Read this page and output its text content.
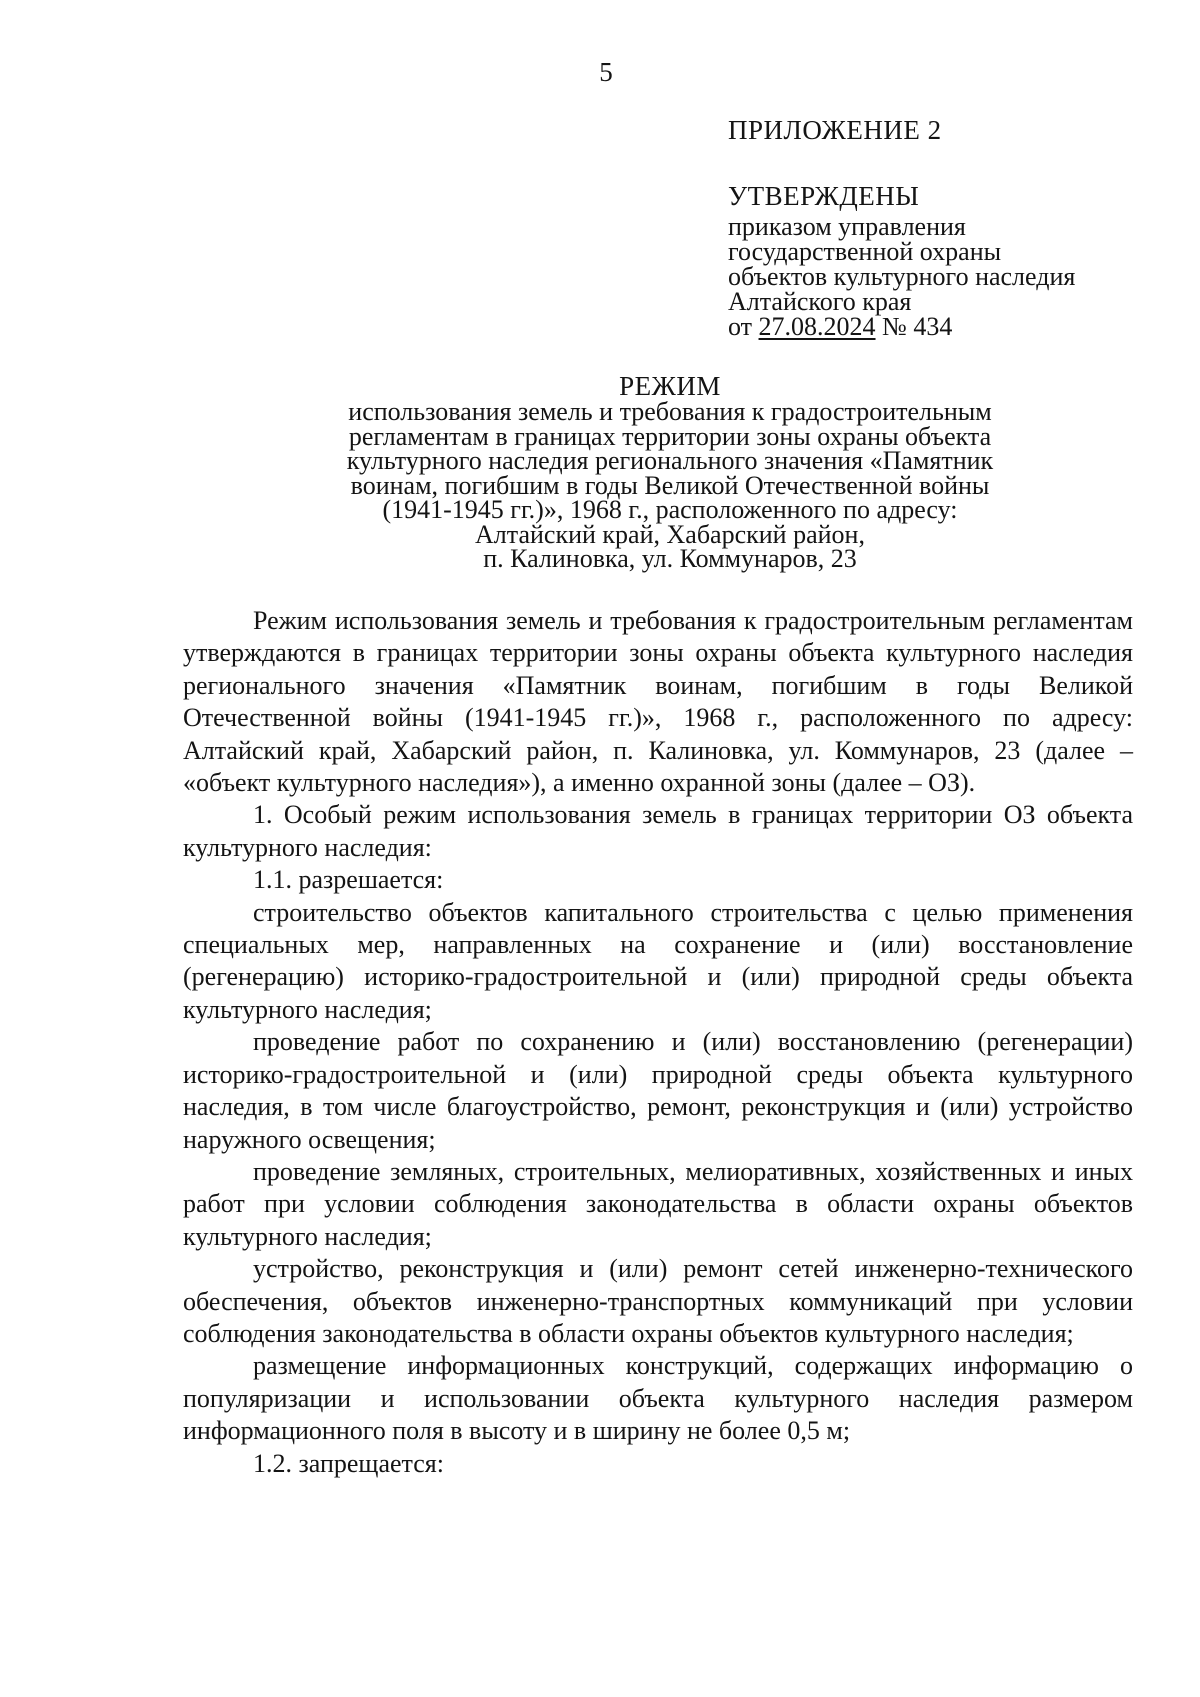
5
ПРИЛОЖЕНИЕ 2
УТВЕРЖДЕНЫ
приказом управления
государственной охраны
объектов культурного наследия
Алтайского края
от 27.08.2024 № 434
РЕЖИМ
использования земель и требования к градостроительным
регламентам в границах территории зоны охраны объекта
культурного наследия регионального значения «Памятник
воинам, погибшим в годы Великой Отечественной войны
(1941-1945 гг.)», 1968 г., расположенного по адресу:
Алтайский край, Хабарский район,
п. Калиновка, ул. Коммунаров, 23

Режим использования земель и требования к градостроительным регламентам утверждаются в границах территории зоны охраны объекта культурного наследия регионального значения «Памятник воинам, погибшим в годы Великой Отечественной войны (1941-1945 гг.)», 1968 г., расположенного по адресу: Алтайский край, Хабарский район, п. Калиновка, ул. Коммунаров, 23 (далее – «объект культурного наследия»), а именно охранной зоны (далее – ОЗ).

1. Особый режим использования земель в границах территории ОЗ объекта культурного наследия:

1.1. разрешается:

строительство объектов капитального строительства с целью применения специальных мер, направленных на сохранение и (или) восстановление (регенерацию) историко-градостроительной и (или) природной среды объекта культурного наследия;

проведение работ по сохранению и (или) восстановлению (регенерации) историко-градостроительной и (или) природной среды объекта культурного наследия, в том числе благоустройство, ремонт, реконструкция и (или) устройство наружного освещения;

проведение земляных, строительных, мелиоративных, хозяйственных и иных работ при условии соблюдения законодательства в области охраны объектов культурного наследия;

устройство, реконструкция и (или) ремонт сетей инженерно-технического обеспечения, объектов инженерно-транспортных коммуникаций при условии соблюдения законодательства в области охраны объектов культурного наследия;

размещение информационных конструкций, содержащих информацию о популяризации и использовании объекта культурного наследия размером информационного поля в высоту и в ширину не более 0,5 м;

1.2. запрещается:
